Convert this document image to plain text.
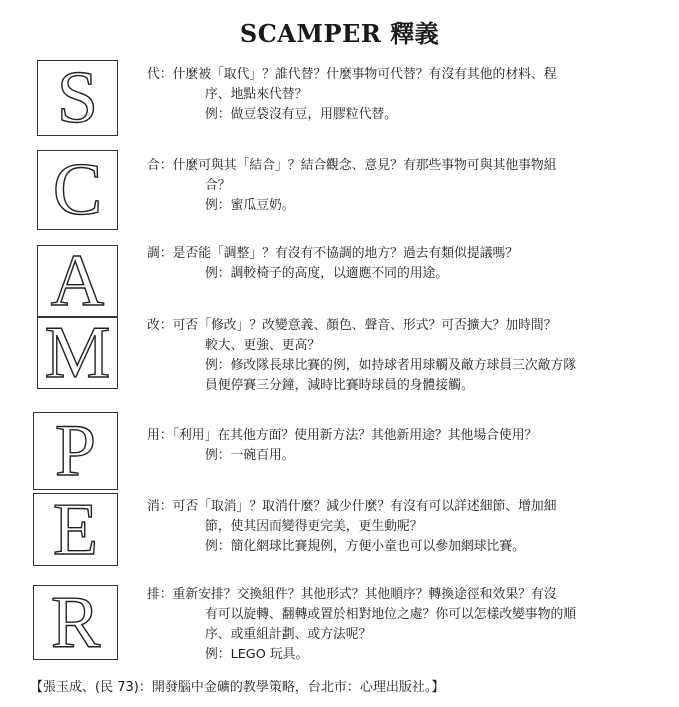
SCAMPER 釋義
S
C
A
M
P
E
R
代：什麼被「取代」？誰代替？什麼事物可代替？有沒有其他的材料、程
序、地點來代替？
例：做豆袋沒有豆，用膠粒代替。
合：什麼可與其「結合」？結合觀念、意見？有那些事物可與其他事物組
合？
例：蜜瓜豆奶。
調：是否能「調整」？有沒有不協調的地方？過去有類似提議嗎？
例：調較椅子的高度，以適應不同的用途。
改：可否「修改」？改變意義、顏色、聲音、形式？可否擴大？加時間？
較大、更強、更高？
例：修改隊長球比賽的例，如持球者用球觸及敵方球員三次敵方隊
員便停賽三分鐘，減時比賽時球員的身體接觸。
用：「利用」在其他方面？使用新方法？其他新用途？其他場合使用？
例：一碗百用。
消：可否「取消」？取消什麼？減少什麼？有沒有可以詳述細節、增加細
節，使其因而變得更完美，更生動呢？
例：簡化網球比賽規例，方便小童也可以參加網球比賽。
排：重新安排？交換組件？其他形式？其他順序？轉換途徑和效果？有沒
有可以旋轉、翻轉或置於相對地位之處？你可以怎樣改變事物的順
序、或重組計劃、或方法呢？
例：LEGO 玩具。
【張玉成、(民 73)：開發腦中金礦的教學策略，台北市：心理出版社。】
